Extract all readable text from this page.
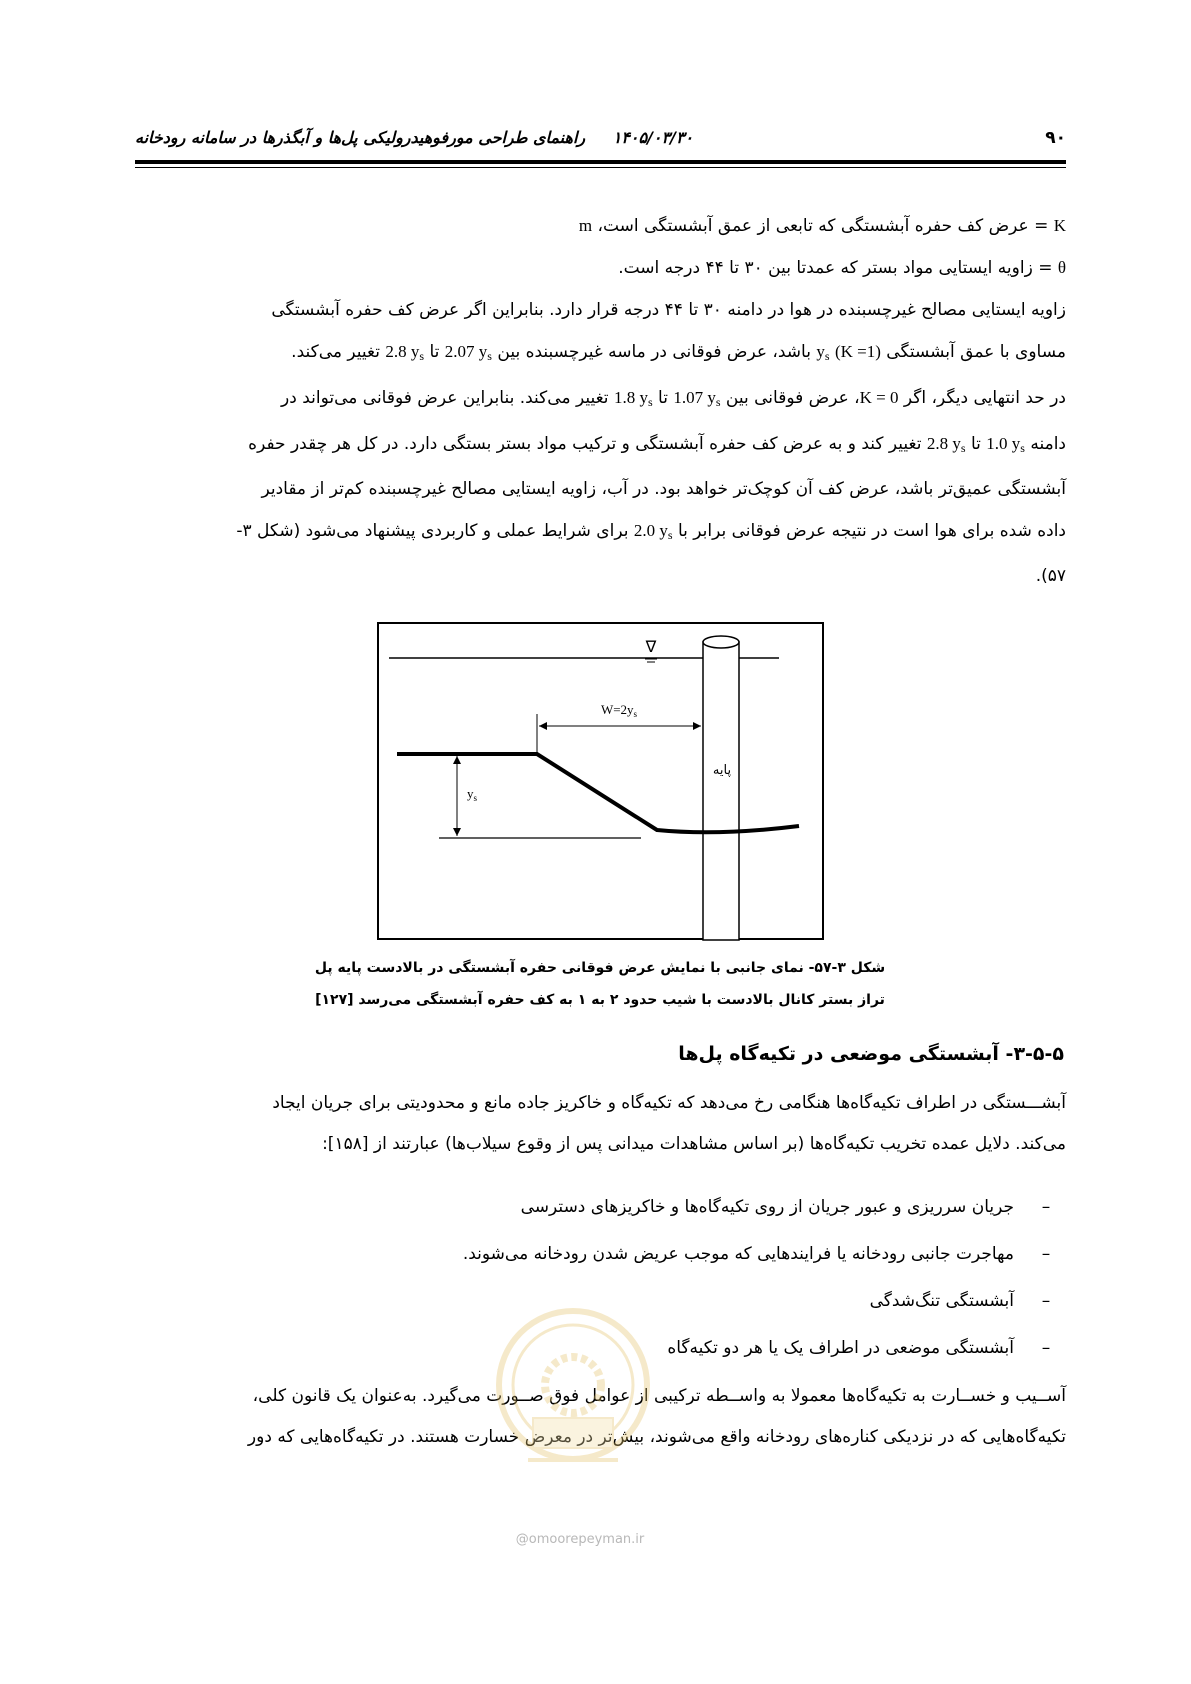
۹۰
۱۴۰۵/۰۳/۳۰ راهنمای طراحی مورفوهیدرولیکی پل‌ها و آبگذرها در سامانه رودخانه
K = عرض کف حفره آبشستگی که تابعی از عمق آبشستگی است، m
θ = زاویه ایستایی مواد بستر که عمدتا بین ۳۰ تا ۴۴ درجه است.
زاویه ایستایی مصالح غیرچسبنده در هوا در دامنه ۳۰ تا ۴۴ درجه قرار دارد. بنابراین اگر عرض کف حفره آبشستگی
مساوی با عمق آبشستگی $y_s$ (K =1) باشد، عرض فوقانی در ماسه غیرچسبنده بین 2.07 $y_s$ تا 2.8 $y_s$ تغییر می‌کند.
در حد انتهایی دیگر، اگر K = 0، عرض فوقانی بین 1.07 $y_s$ تا 1.8 $y_s$ تغییر می‌کند. بنابراین عرض فوقانی می‌تواند در
دامنه 1.0 $y_s$ تا 2.8 $y_s$ تغییر کند و به عرض کف حفره آبشستگی و ترکیب مواد بستر بستگی دارد. در کل هر چقدر حفره
آبشستگی عمیق‌تر باشد، عرض کف آن کوچک‌تر خواهد بود. در آب، زاویه ایستایی مصالح غیرچسبنده کم‌تر از مقادیر
داده شده برای هوا است در نتیجه عرض فوقانی برابر با 2.0 $y_s$ برای شرایط عملی و کاربردی پیشنهاد می‌شود (شکل ۳-
۵۷).
∇
پایه
$y_s$
$W=2y_s$
شکل ۳-۵۷- نمای جانبی با نمایش عرض فوقانی حفره آبشستگی در بالادست پایه پل
تراز بستر کانال بالادست با شیب حدود ۲ به ۱ به کف حفره آبشستگی می‌رسد [۱۲۷]
۳-۵-۵- آبشستگی موضعی در تکیه‌گاه پل‌ها
آبشـــستگی در اطراف تکیه‌گاه‌ها هنگامی رخ می‌دهد که تکیه‌گاه و خاکریز جاده مانع و محدودیتی برای جریان ایجاد
می‌کند. دلایل عمده تخریب تکیه‌گاه‌ها (بر اساس مشاهدات میدانی پس از وقوع سیلاب‌ها) عبارتند از [۱۵۸]:
–جریان سرریزی و عبور جریان از روی تکیه‌گاه‌ها و خاکریزهای دسترسی
–مهاجرت جانبی رودخانه یا فرایندهایی که موجب عریض شدن رودخانه می‌شوند.
–آبشستگی تنگ‌شدگی
–آبشستگی موضعی در اطراف یک یا هر دو تکیه‌گاه
آســیب و خســارت به تکیه‌گاه‌ها معمولا به واســطه ترکیبی از عوامل فوق صــورت می‌گیرد. به‌عنوان یک قانون کلی،
تکیه‌گاه‌هایی که در نزدیکی کناره‌های رودخانه واقع می‌شوند، بیش‌تر در معرض خسارت هستند. در تکیه‌گاه‌هایی که دور
@omoorepeyman.ir
